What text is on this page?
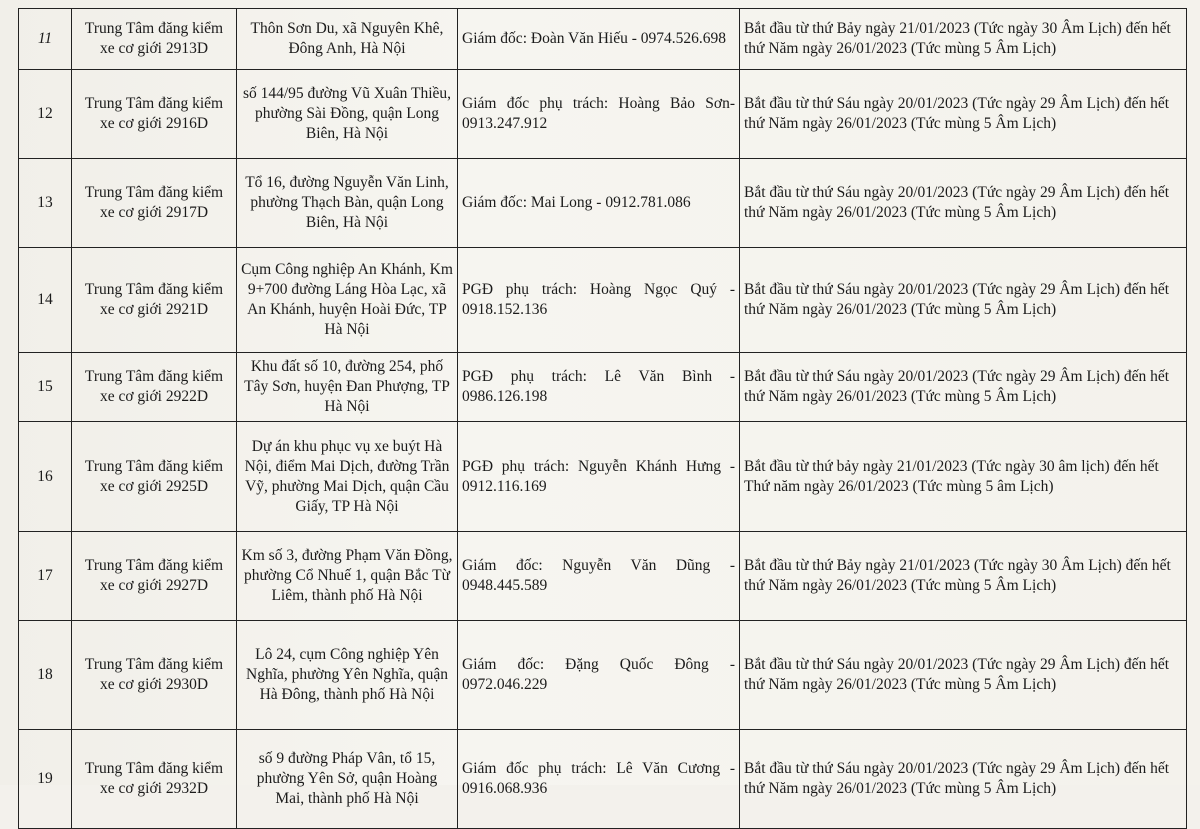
11	Trung Tâm đăng kiểm xe cơ giới 2913D	Thôn Sơn Du, xã Nguyên Khê, Đông Anh, Hà Nội	Giám đốc: Đoàn Văn Hiếu - 0974.526.698	Bắt đầu từ thứ Bảy ngày 21/01/2023 (Tức ngày 30 Âm Lịch) đến hết thứ Năm ngày 26/01/2023 (Tức mùng 5 Âm Lịch)
12	Trung Tâm đăng kiểm xe cơ giới 2916D	số 144/95 đường Vũ Xuân Thiều, phường Sài Đồng, quận Long Biên, Hà Nội	Giám đốc phụ trách: Hoàng Bảo Sơn- 0913.247.912	Bắt đầu từ thứ Sáu ngày 20/01/2023 (Tức ngày 29 Âm Lịch) đến hết thứ Năm ngày 26/01/2023 (Tức mùng 5 Âm Lịch)
13	Trung Tâm đăng kiểm xe cơ giới 2917D	Tổ 16, đường Nguyễn Văn Linh, phường Thạch Bàn, quận Long Biên, Hà Nội	Giám đốc: Mai Long - 0912.781.086	Bắt đầu từ thứ Sáu ngày 20/01/2023 (Tức ngày 29 Âm Lịch) đến hết thứ Năm ngày 26/01/2023 (Tức mùng 5 Âm Lịch)
14	Trung Tâm đăng kiểm xe cơ giới 2921D	Cụm Công nghiệp An Khánh, Km 9+700 đường Láng Hòa Lạc, xã An Khánh, huyện Hoài Đức, TP Hà Nội	PGĐ phụ trách: Hoàng Ngọc Quý - 0918.152.136	Bắt đầu từ thứ Sáu ngày 20/01/2023 (Tức ngày 29 Âm Lịch) đến hết thứ Năm ngày 26/01/2023 (Tức mùng 5 Âm Lịch)
15	Trung Tâm đăng kiểm xe cơ giới 2922D	Khu đất số 10, đường 254, phố Tây Sơn, huyện Đan Phượng, TP Hà Nội	PGĐ phụ trách: Lê Văn Bình - 0986.126.198	Bắt đầu từ thứ Sáu ngày 20/01/2023 (Tức ngày 29 Âm Lịch) đến hết thứ Năm ngày 26/01/2023 (Tức mùng 5 Âm Lịch)
16	Trung Tâm đăng kiểm xe cơ giới 2925D	Dự án khu phục vụ xe buýt Hà Nội, điểm Mai Dịch, đường Trần Vỹ, phường Mai Dịch, quận Cầu Giấy, TP Hà Nội	PGĐ phụ trách: Nguyễn Khánh Hưng - 0912.116.169	Bắt đầu từ thứ bảy ngày 21/01/2023 (Tức ngày 30 âm lịch) đến hết Thứ năm ngày 26/01/2023 (Tức mùng 5 âm Lịch)
17	Trung Tâm đăng kiểm xe cơ giới 2927D	Km số 3, đường Phạm Văn Đồng, phường Cổ Nhuế 1, quận Bắc Từ Liêm, thành phố Hà Nội	Giám đốc: Nguyễn Văn Dũng - 0948.445.589	Bắt đầu từ thứ Bảy ngày 21/01/2023 (Tức ngày 30 Âm Lịch) đến hết thứ Năm ngày 26/01/2023 (Tức mùng 5 Âm Lịch)
18	Trung Tâm đăng kiểm xe cơ giới 2930D	Lô 24, cụm Công nghiệp Yên Nghĩa, phường Yên Nghĩa, quận Hà Đông, thành phố Hà Nội	Giám đốc: Đặng Quốc Đông - 0972.046.229	Bắt đầu từ thứ Sáu ngày 20/01/2023 (Tức ngày 29 Âm Lịch) đến hết thứ Năm ngày 26/01/2023 (Tức mùng 5 Âm Lịch)
19	Trung Tâm đăng kiểm xe cơ giới 2932D	số 9 đường Pháp Vân, tổ 15, phường Yên Sở, quận Hoàng Mai, thành phố Hà Nội	Giám đốc phụ trách: Lê Văn Cương - 0916.068.936	Bắt đầu từ thứ Sáu ngày 20/01/2023 (Tức ngày 29 Âm Lịch) đến hết thứ Năm ngày 26/01/2023 (Tức mùng 5 Âm Lịch)
